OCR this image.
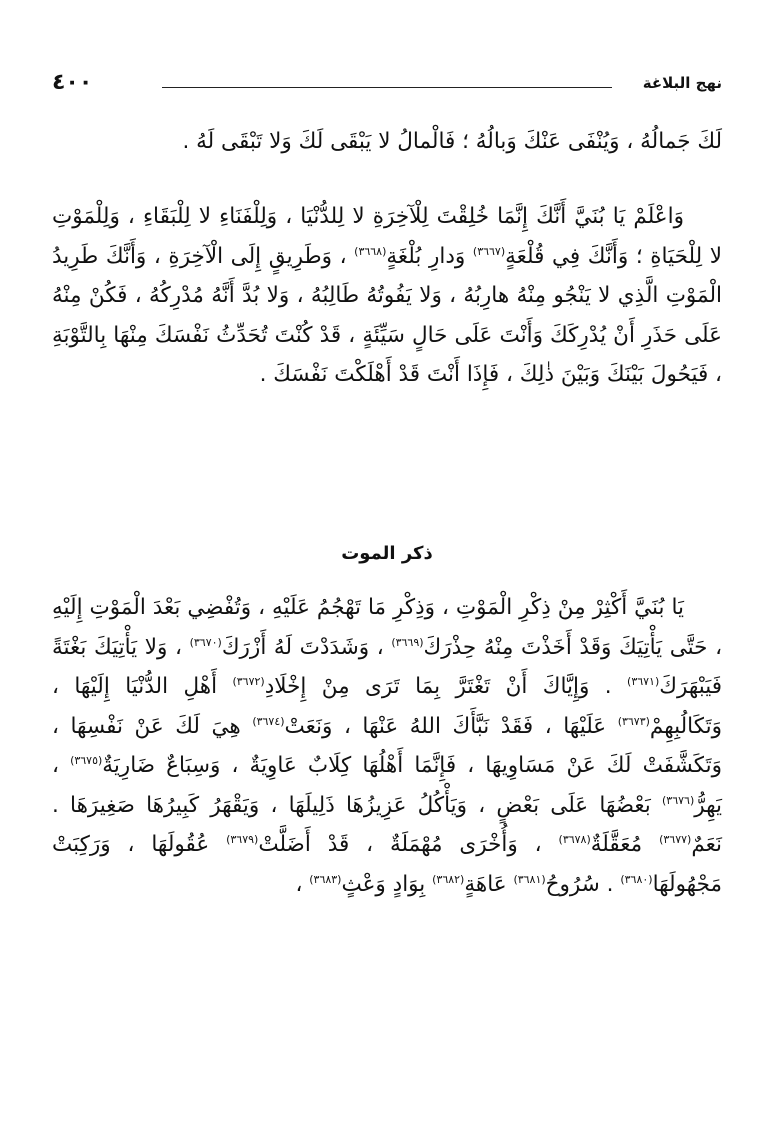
نهج البلاغة
٤٠٠
لَكَ جَمالُهُ ، وَيُنْفَى عَنْكَ وَبالُهُ ؛ فَالْمالُ لا يَبْقَى لَكَ وَلا تَبْقَى لَهُ .
وَاعْلَمْ يَا بُنَيَّ أَنَّكَ إِنَّمَا خُلِقْتَ لِلْآخِرَةِ لا لِلدُّنْيَا ، وَلِلْفَنَاءِ لا لِلْبَقَاءِ ، وَلِلْمَوْتِ لا لِلْحَيَاةِ ؛ وَأَنَّكَ فِي قُلْعَةٍ$^{(٣٦٦٧)}$ وَدارِ بُلْغَةٍ$^{(٣٦٦٨)}$ ، وَطَرِيقٍ إِلَى الْآخِرَةِ ، وَأَنَّكَ طَرِيدُ الْمَوْتِ الَّذِي لا يَنْجُو مِنْهُ هارِبُهُ ، وَلا يَفُوتُهُ طَالِبُهُ ، وَلا بُدَّ أَنَّهُ مُدْرِكُهُ ، فَكُنْ مِنْهُ عَلَى حَذَرِ أَنْ يُدْرِكَكَ وَأَنْتَ عَلَى حَالٍ سَيِّئَةٍ ، قَدْ كُنْتَ تُحَدِّثُ نَفْسَكَ مِنْهَا بِالتَّوْبَةِ ، فَيَحُولَ بَيْنَكَ وَبَيْنَ ذٰلِكَ ، فَإِذَا أَنْتَ قَدْ أَهْلَكْتَ نَفْسَكَ .
ذكر الموت
يَا بُنَيَّ أَكْثِرْ مِنْ ذِكْرِ الْمَوْتِ ، وَذِكْرِ مَا تَهْجُمُ عَلَيْهِ ، وَتُفْضِي بَعْدَ الْمَوْتِ إِلَيْهِ ، حَتَّى يَأْتِيَكَ وَقَدْ أَخَذْتَ مِنْهُ حِذْرَكَ$^{(٣٦٦٩)}$ ، وَشَدَدْتَ لَهُ أَزْرَكَ$^{(٣٦٧٠)}$ ، وَلا يَأْتِيَكَ بَغْتَةً فَيَبْهَرَكَ$^{(٣٦٧١)}$ . وَإِيَّاكَ أَنْ تَغْتَرَّ بِمَا تَرَى مِنْ إِخْلَادِ$^{(٣٦٧٢)}$ أَهْلِ الدُّنْيَا إِلَيْهَا ، وَتَكَالُبِهِمْ$^{(٣٦٧٣)}$ عَلَيْهَا ، فَقَدْ نَبَّأَكَ اللهُ عَنْهَا ، وَنَعَتْ$^{(٣٦٧٤)}$ هِيَ لَكَ عَنْ نَفْسِهَا ، وَتَكَشَّفَتْ لَكَ عَنْ مَسَاوِيهَا ، فَإِنَّمَا أَهْلُهَا كِلَابٌ عَاوِيَةٌ ، وَسِبَاعٌ ضَارِيَةٌ$^{(٣٦٧٥)}$ ، يَهِرُّ$^{(٣٦٧٦)}$ بَعْضُهَا عَلَى بَعْضٍ ، وَيَأْكُلُ عَزِيزُهَا ذَلِيلَهَا ، وَيَقْهَرُ كَبِيرُهَا صَغِيرَهَا . نَعَمٌ$^{(٣٦٧٧)}$ مُعَقَّلَةٌ$^{(٣٦٧٨)}$ ، وَأُخْرَى مُهْمَلَةٌ ، قَدْ أَضَلَّتْ$^{(٣٦٧٩)}$ عُقُولَهَا ، وَرَكِبَتْ مَجْهُولَهَا$^{(٣٦٨٠)}$ . سُرُوحُ$^{(٣٦٨١)}$ عَاهَةٍ$^{(٣٦٨٢)}$ بِوَادٍ وَعْثٍ$^{(٣٦٨٣)}$ ،
